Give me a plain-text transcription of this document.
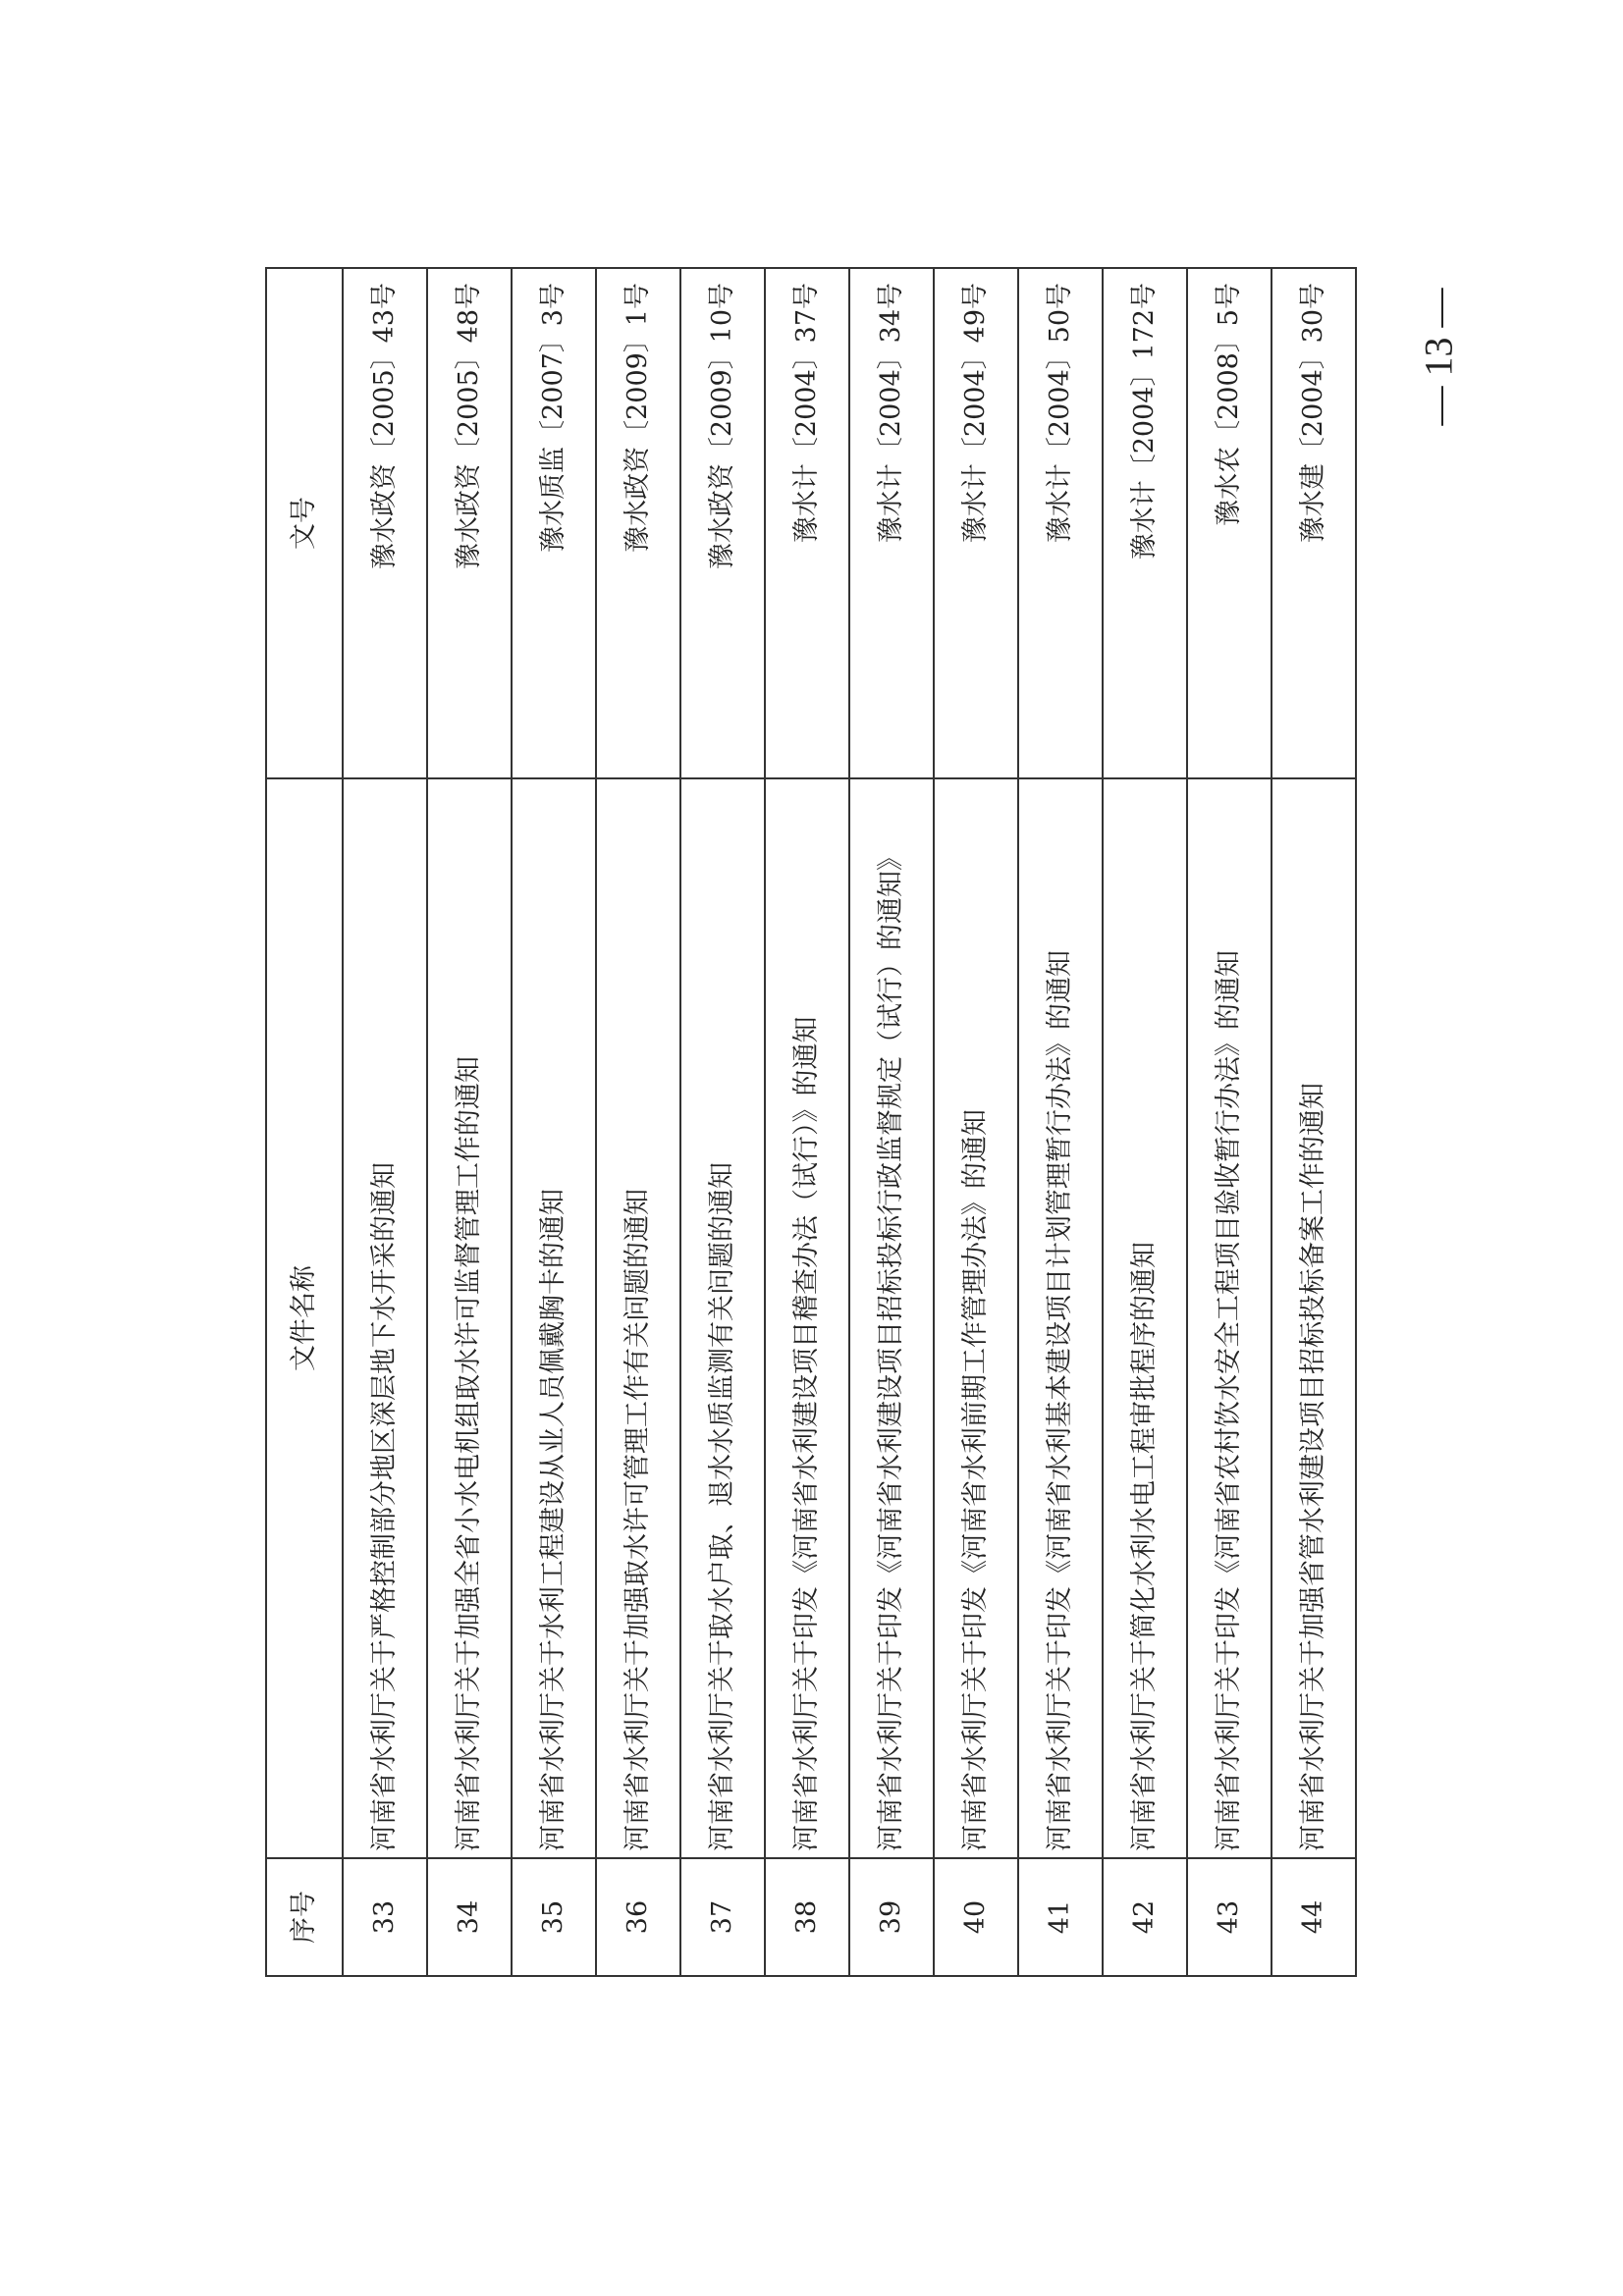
序号	文件名称	文号
33	河南省水利厅关于严格控制部分地区深层地下水开采的通知	豫水政资〔2005〕43号
34	河南省水利厅关于加强全省小水电机组取水许可监督管理工作的通知	豫水政资〔2005〕48号
35	河南省水利厅关于水利工程建设从业人员佩戴胸卡的通知	豫水质监〔2007〕3号
36	河南省水利厅关于加强取水许可管理工作有关问题的通知	豫水政资〔2009〕1号
37	河南省水利厅关于取水户取、退水水质监测有关问题的通知	豫水政资〔2009〕10号
38	河南省水利厅关于印发《河南省水利建设项目稽查办法（试行）》的通知	豫水计〔2004〕37号
39	河南省水利厅关于印发《河南省水利建设项目招标投标行政监督规定（试行）的通知》	豫水计〔2004〕34号
40	河南省水利厅关于印发《河南省水利前期工作管理办法》的通知	豫水计〔2004〕49号
41	河南省水利厅关于印发《河南省水利基本建设项目计划管理暂行办法》的通知	豫水计〔2004〕50号
42	河南省水利厅关于简化水利水电工程审批程序的通知	豫水计〔2004〕172号
43	河南省水利厅关于印发《河南省农村饮水安全工程项目验收暂行办法》的通知	豫水农〔2008〕5号
44	河南省水利厅关于加强省管水利建设项目招标投标备案工作的通知	豫水建〔2004〕30号 — 13 —
